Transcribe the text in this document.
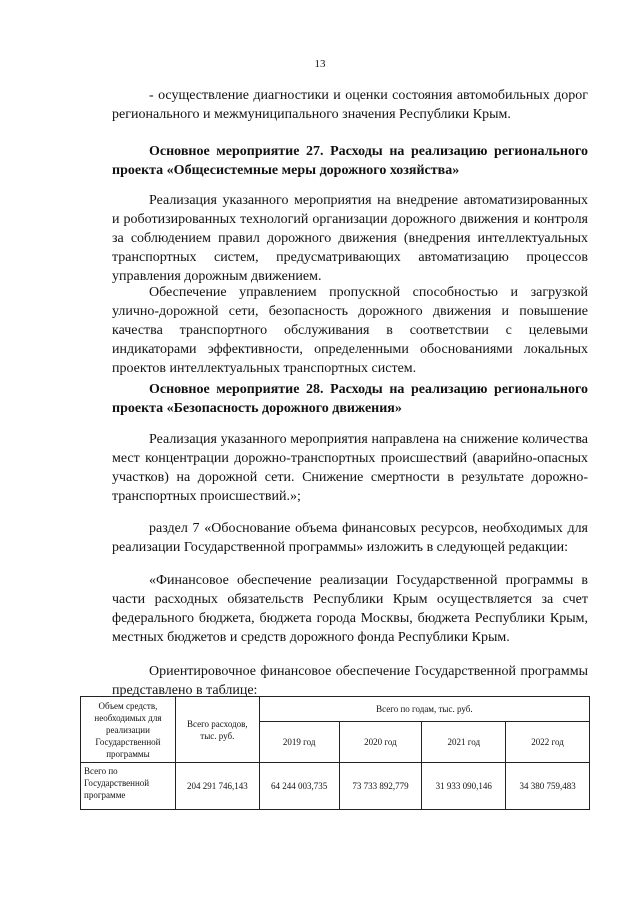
13

- осуществление диагностики и оценки состояния автомобильных дорог регионального и межмуниципального значения Республики Крым.

Основное мероприятие 27. Расходы на реализацию регионального проекта «Общесистемные меры дорожного хозяйства»

Реализация указанного мероприятия на внедрение автоматизированных и роботизированных технологий организации дорожного движения и контроля за соблюдением правил дорожного движения (внедрения интеллектуальных транспортных систем, предусматривающих автоматизацию процессов управления дорожным движением.

Обеспечение управлением пропускной способностью и загрузкой улично-дорожной сети, безопасность дорожного движения и повышение качества транспортного обслуживания в соответствии с целевыми индикаторами эффективности, определенными обоснованиями локальных проектов интеллектуальных транспортных систем.

Основное мероприятие 28. Расходы на реализацию регионального проекта «Безопасность дорожного движения»

Реализация указанного мероприятия направлена на снижение количества мест концентрации дорожно-транспортных происшествий (аварийно-опасных участков) на дорожной сети. Снижение смертности в результате дорожно-транспортных происшествий.»;

раздел 7 «Обоснование объема финансовых ресурсов, необходимых для реализации Государственной программы» изложить в следующей редакции:

«Финансовое обеспечение реализации Государственной программы в части расходных обязательств Республики Крым осуществляется за счет федерального бюджета, бюджета города Москвы, бюджета Республики Крым, местных бюджетов и средств дорожного фонда Республики Крым.

Ориентировочное финансовое обеспечение Государственной программы представлено в таблице:

Объем средств, необходимых для реализации Государственной программы	Всего расходов, тыс. руб.	Всего по годам, тыс. руб.			
		2019 год	2020 год	2021 год	2022 год
Всего по Государственной программе	204 291 746,143	64 244 003,735	73 733 892,779	31 933 090,146	34 380 759,483
